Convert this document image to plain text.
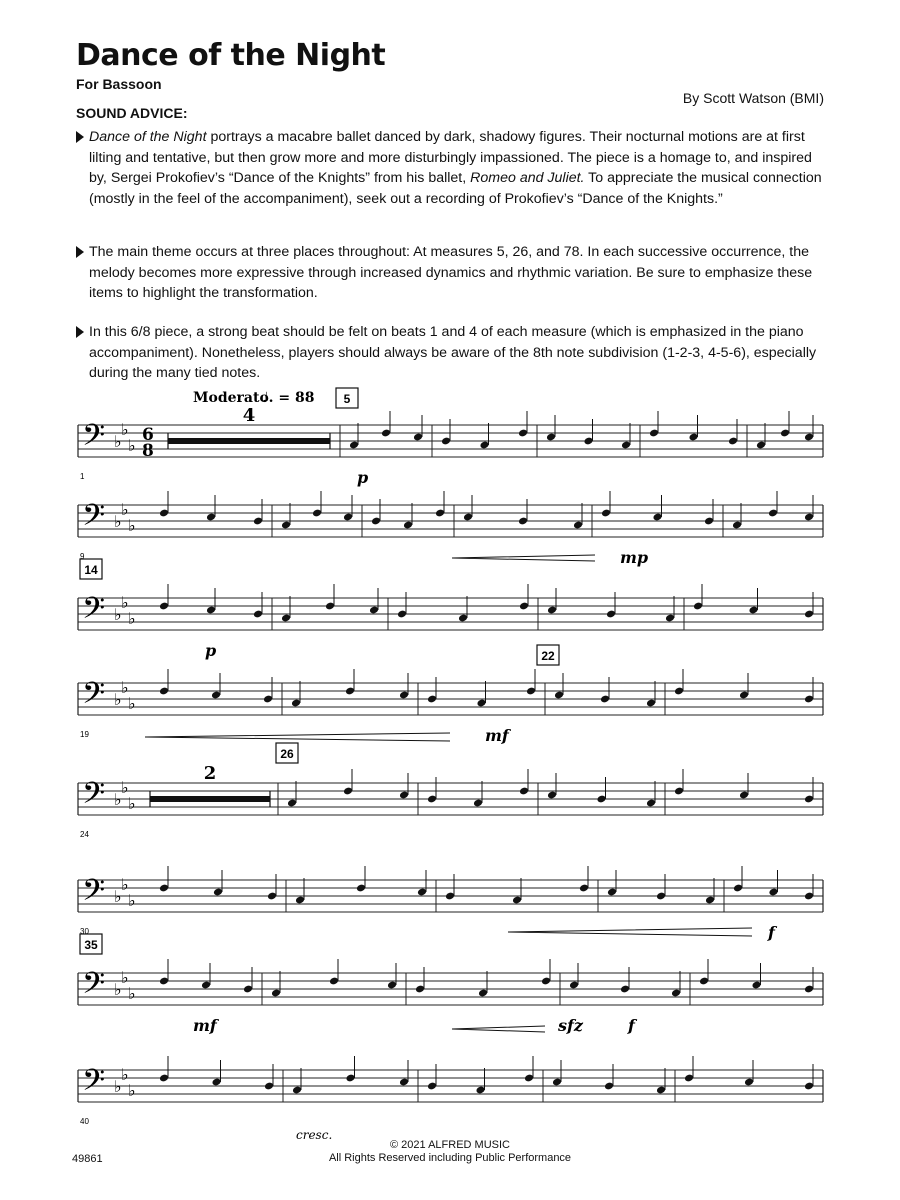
Dance of the Night
For Bassoon
By Scott Watson (BMI)
SOUND ADVICE:
Dance of the Night portrays a macabre ballet danced by dark, shadowy figures. Their nocturnal motions are at first lilting and tentative, but then grow more and more disturbingly impassioned. The piece is a homage to, and inspired by, Sergei Prokofiev’s “Dance of the Knights” from his ballet, Romeo and Juliet. To appreciate the musical connection (mostly in the feel of the accompaniment), seek out a recording of Prokofiev’s “Dance of the Knights.”
The main theme occurs at three places throughout: At measures 5, 26, and 78. In each successive occurrence, the melody becomes more expressive through increased dynamics and rhythmic variation. Be sure to emphasize these items to highlight the transformation.
In this 6/8 piece, a strong beat should be felt on beats 1 and 4 of each measure (which is emphasized in the piano accompaniment). Nonetheless, players should always be aware of the 8th note subdivision (1-2-3, 4-5-6), especially during the many tied notes.
Moderato
♩. = 88
𝄢 ♭
♭
♭
6
8
1
5
4
p
𝄢 ♭
♭
♭
9	mp
𝄢 ♭
♭
♭
14
p
𝄢 ♭
♭
♭
19
22
mf
𝄢 ♭
♭
♭
24
26
2
𝄢 ♭
♭
♭
30	f
𝄢 ♭
♭
♭
35
mf	sfz	f
𝄢 ♭
♭
♭
40
cresc.
© 2021 ALFRED MUSIC
All Rights Reserved including Public Performance
49861
